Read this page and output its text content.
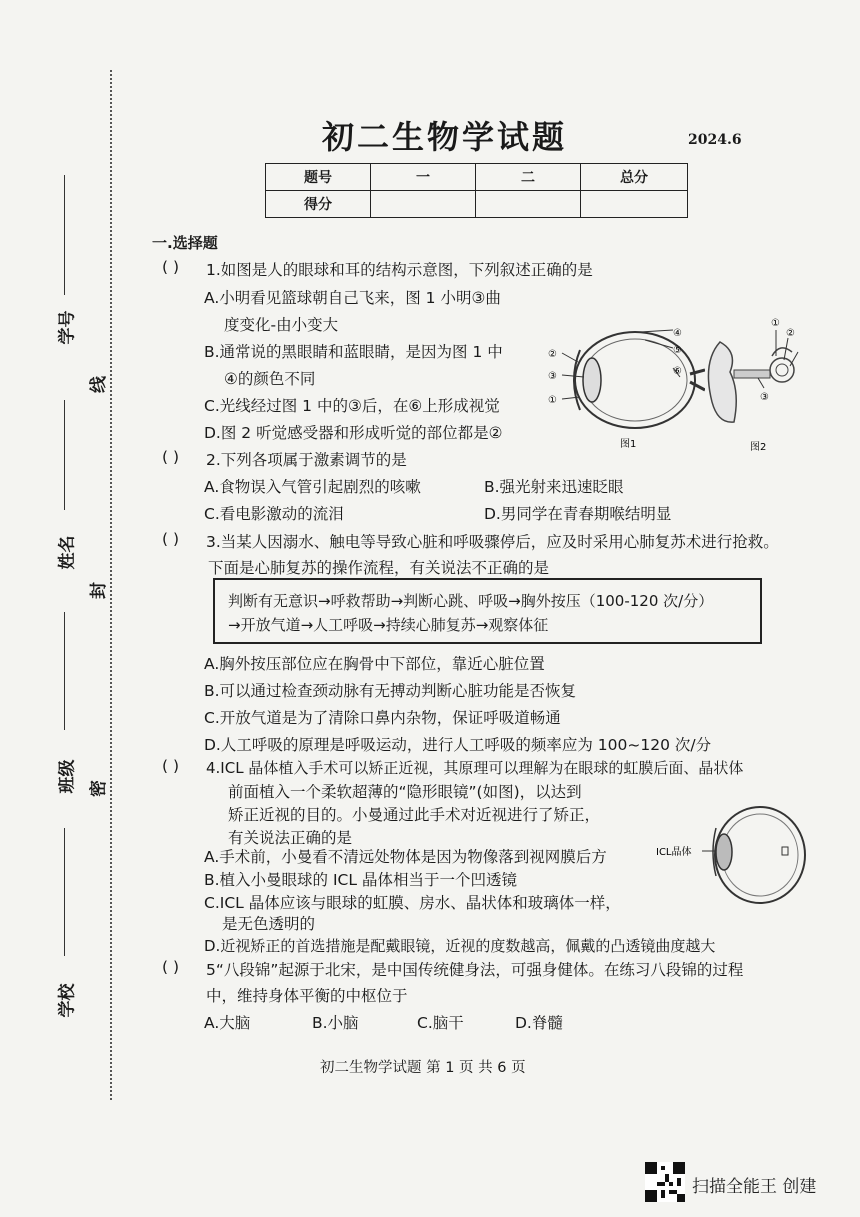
学号
线
姓名
封
班级 密
学校
初二生物学试题	2024.6
题号	一	二	总分
得分			
一.选择题
( ) 1.如图是人的眼球和耳的结构示意图，下列叙述正确的是
A.小明看见篮球朝自己飞来，图 1 小明③曲
度变化-由小变大
B.通常说的黑眼睛和蓝眼睛，是因为图 1 中
④的颜色不同
C.光线经过图 1 中的③后，在⑥上形成视觉
D.图 2 听觉感受器和形成听觉的部位都是②
②
③
①
④
⑤
⑥
图1
①
②
③
图2
( ) 2.下列各项属于激素调节的是
A.食物误入气管引起剧烈的咳嗽	B.强光射来迅速眨眼
C.看电影激动的流泪	D.男同学在青春期喉结明显
( ) 3.当某人因溺水、触电等导致心脏和呼吸骤停后，应及时采用心肺复苏术进行抢救。
下面是心肺复苏的操作流程，有关说法不正确的是
判断有无意识→呼救帮助→判断心跳、呼吸→胸外按压（100-120 次/分）
→开放气道→人工呼吸→持续心肺复苏→观察体征
A.胸外按压部位应在胸骨中下部位，靠近心脏位置
B.可以通过检查颈动脉有无搏动判断心脏功能是否恢复
C.开放气道是为了清除口鼻内杂物，保证呼吸道畅通
D.人工呼吸的原理是呼吸运动，进行人工呼吸的频率应为 100~120 次/分
( ) 4.ICL 晶体植入手术可以矫正近视，其原理可以理解为在眼球的虹膜后面、晶状体
前面植入一个柔软超薄的“隐形眼镜”(如图)，以达到
矫正近视的目的。小曼通过此手术对近视进行了矫正，
有关说法正确的是
A.手术前，小曼看不清远处物体是因为物像落到视网膜后方
B.植入小曼眼球的 ICL 晶体相当于一个凹透镜
C.ICL 晶体应该与眼球的虹膜、房水、晶状体和玻璃体一样，
是无色透明的
D.近视矫正的首选措施是配戴眼镜，近视的度数越高，佩戴的凸透镜曲度越大
ICL晶体
( ) 5“八段锦”起源于北宋，是中国传统健身法，可强身健体。在练习八段锦的过程
中，维持身体平衡的中枢位于
A.大脑	B.小脑	C.脑干	D.脊髓
初二生物学试题 第 1 页 共 6 页
扫描全能王 创建
